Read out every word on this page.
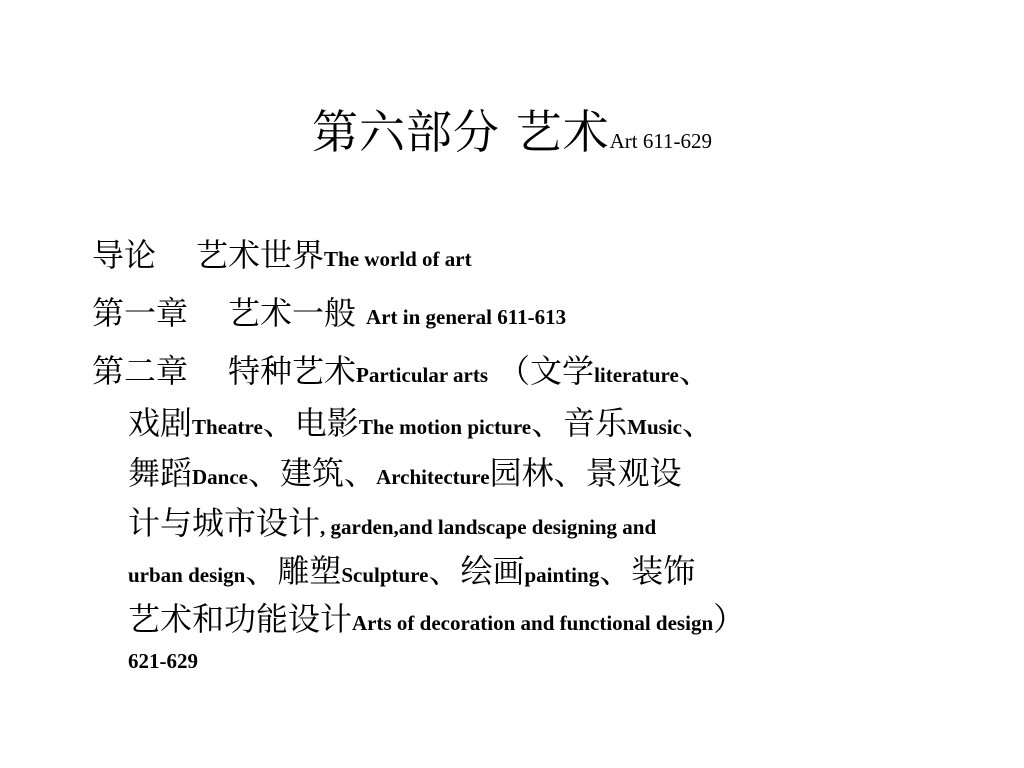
第六部分 艺术Art 611-629
导论 艺术世界The world of art
第一章 艺术一般 Art in general 611-613
第二章 特种艺术Particular arts （文学literature、
戏剧Theatre、电影The motion picture、音乐Music、
舞蹈Dance、建筑、Architecture园林、景观设
计与城市设计, garden,and landscape designing and
urban design、雕塑Sculpture、绘画painting、装饰
艺术和功能设计Arts of decoration and functional design）
621-629
